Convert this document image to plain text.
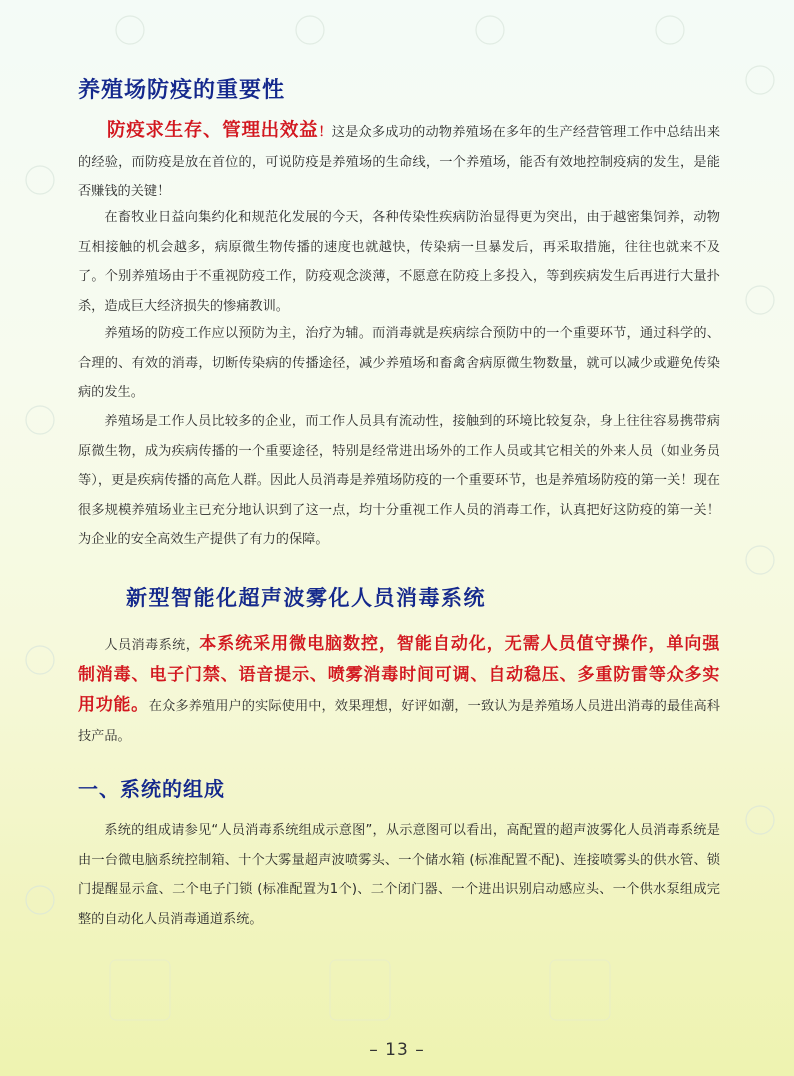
养殖场防疫的重要性

防疫求生存、管理出效益！这是众多成功的动物养殖场在多年的生产经营管理工作中总结出来的经验，而防疫是放在首位的，可说防疫是养殖场的生命线，一个养殖场，能否有效地控制疫病的发生，是能否赚钱的关键！

在畜牧业日益向集约化和规范化发展的今天，各种传染性疾病防治显得更为突出，由于越密集饲养，动物互相接触的机会越多，病原微生物传播的速度也就越快，传染病一旦暴发后，再采取措施，往往也就来不及了。个别养殖场由于不重视防疫工作，防疫观念淡薄，不愿意在防疫上多投入，等到疾病发生后再进行大量扑杀，造成巨大经济损失的惨痛教训。

养殖场的防疫工作应以预防为主，治疗为辅。而消毒就是疾病综合预防中的一个重要环节，通过科学的、合理的、有效的消毒，切断传染病的传播途径，减少养殖场和畜禽舍病原微生物数量，就可以减少或避免传染病的发生。

养殖场是工作人员比较多的企业，而工作人员具有流动性，接触到的环境比较复杂，身上往往容易携带病原微生物，成为疾病传播的一个重要途径，特别是经常进出场外的工作人员或其它相关的外来人员（如业务员等），更是疾病传播的高危人群。因此人员消毒是养殖场防疫的一个重要环节，也是养殖场防疫的第一关！现在很多规模养殖场业主已充分地认识到了这一点，均十分重视工作人员的消毒工作，认真把好这防疫的第一关！为企业的安全高效生产提供了有力的保障。

新型智能化超声波雾化人员消毒系统

人员消毒系统，本系统采用微电脑数控，智能自动化，无需人员值守操作，单向强制消毒、电子门禁、语音提示、喷雾消毒时间可调、自动稳压、多重防雷等众多实用功能。在众多养殖用户的实际使用中，效果理想，好评如潮，一致认为是养殖场人员进出消毒的最佳高科技产品。

一、系统的组成

系统的组成请参见“人员消毒系统组成示意图”，从示意图可以看出，高配置的超声波雾化人员消毒系统是由一台微电脑系统控制箱、十个大雾量超声波喷雾头、一个储水箱 (标准配置不配)、连接喷雾头的供水管、锁门提醒显示盒、二个电子门锁 (标准配置为1个)、二个闭门器、一个进出识别启动感应头、一个供水泵组成完整的自动化人员消毒通道系统。

– 13 –
